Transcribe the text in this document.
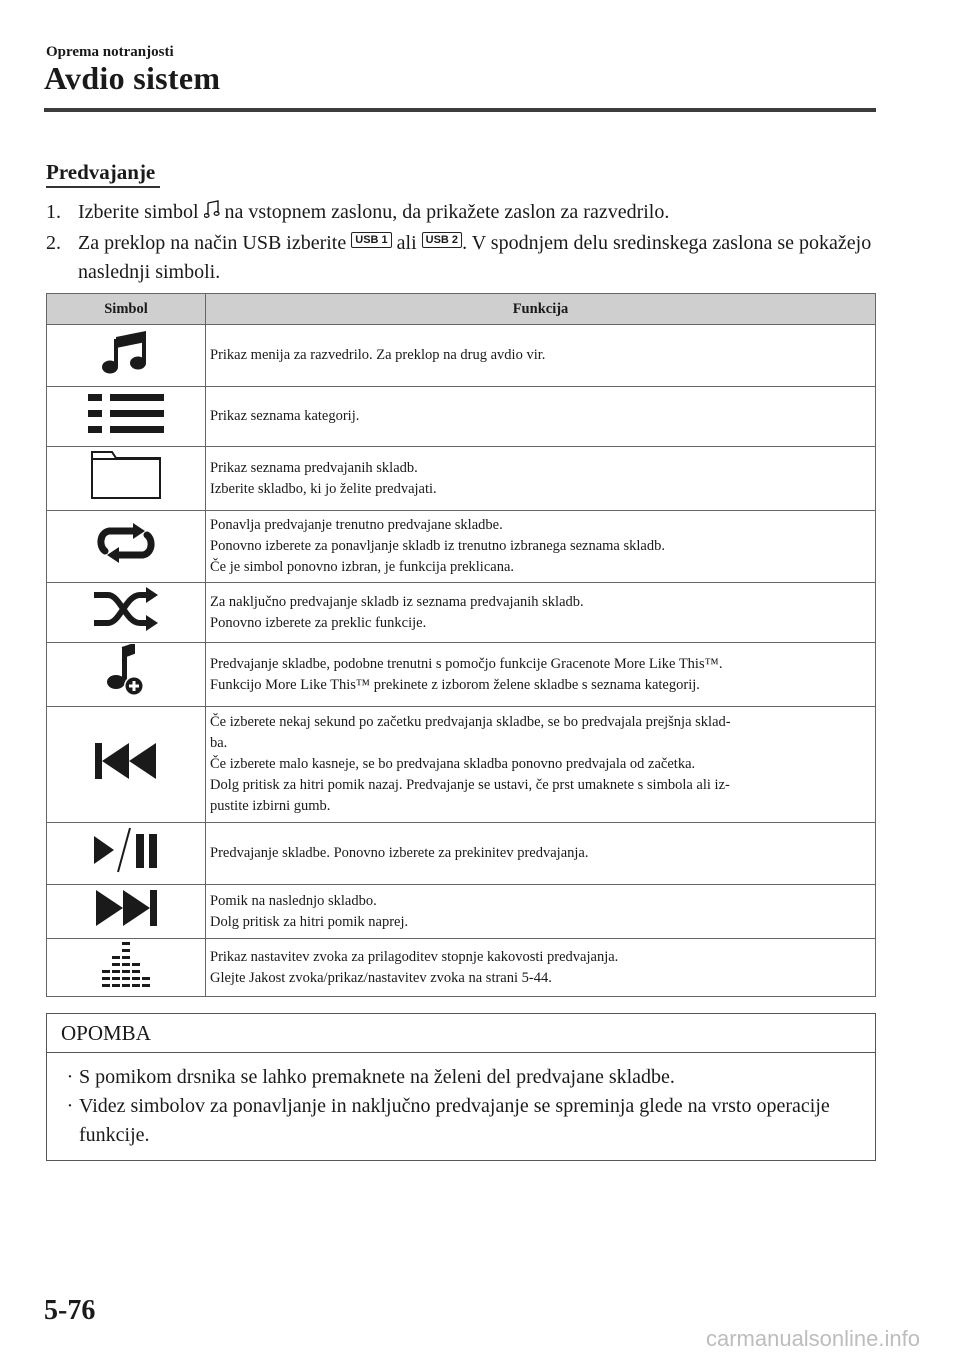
Oprema notranjosti
Avdio sistem
Predvajanje
1. Izberite simbol na vstopnem zaslonu, da prikažete zaslon za razvedrilo.
2. Za preklop na način USB izberite USB 1 ali USB 2 . V spodnjem delu sredinskega zaslona se pokažejo naslednji simboli.
Simbol	Funkcija

Prikaz menija za razvedrilo. Za preklop na drug avdio vir.

Prikaz seznama kategorij.

Prikaz seznama predvajanih skladb.
Izberite skladbo, ki jo želite predvajati.

Ponavlja predvajanje trenutno predvajane skladbe.
Ponovno izberete za ponavljanje skladb iz trenutno izbranega seznama skladb.
Če je simbol ponovno izbran, je funkcija preklicana.

Za naključno predvajanje skladb iz seznama predvajanih skladb.
Ponovno izberete za preklic funkcije.

Predvajanje skladbe, podobne trenutni s pomočjo funkcije Gracenote More Like This™.
Funkcijo More Like This™ prekinete z izborom želene skladbe s seznama kategorij.

Če izberete nekaj sekund po začetku predvajanja skladbe, se bo predvajala prejšnja sklad-
ba.
Če izberete malo kasneje, se bo predvajana skladba ponovno predvajala od začetka.
Dolg pritisk za hitri pomik nazaj. Predvajanje se ustavi, če prst umaknete s simbola ali iz-
pustite izbirni gumb.

Predvajanje skladbe. Ponovno izberete za prekinitev predvajanja.

Pomik na naslednjo skladbo.
Dolg pritisk za hitri pomik naprej.

Prikaz nastavitev zvoka za prilagoditev stopnje kakovosti predvajanja.
Glejte Jakost zvoka/prikaz/nastavitev zvoka na strani 5-44.
OPOMBA
· S pomikom drsnika se lahko premaknete na želeni del predvajane skladbe.
· Videz simbolov za ponavljanje in naključno predvajanje se spreminja glede na vrsto operacije funkcije.
5-76
carmanualsonline.info
